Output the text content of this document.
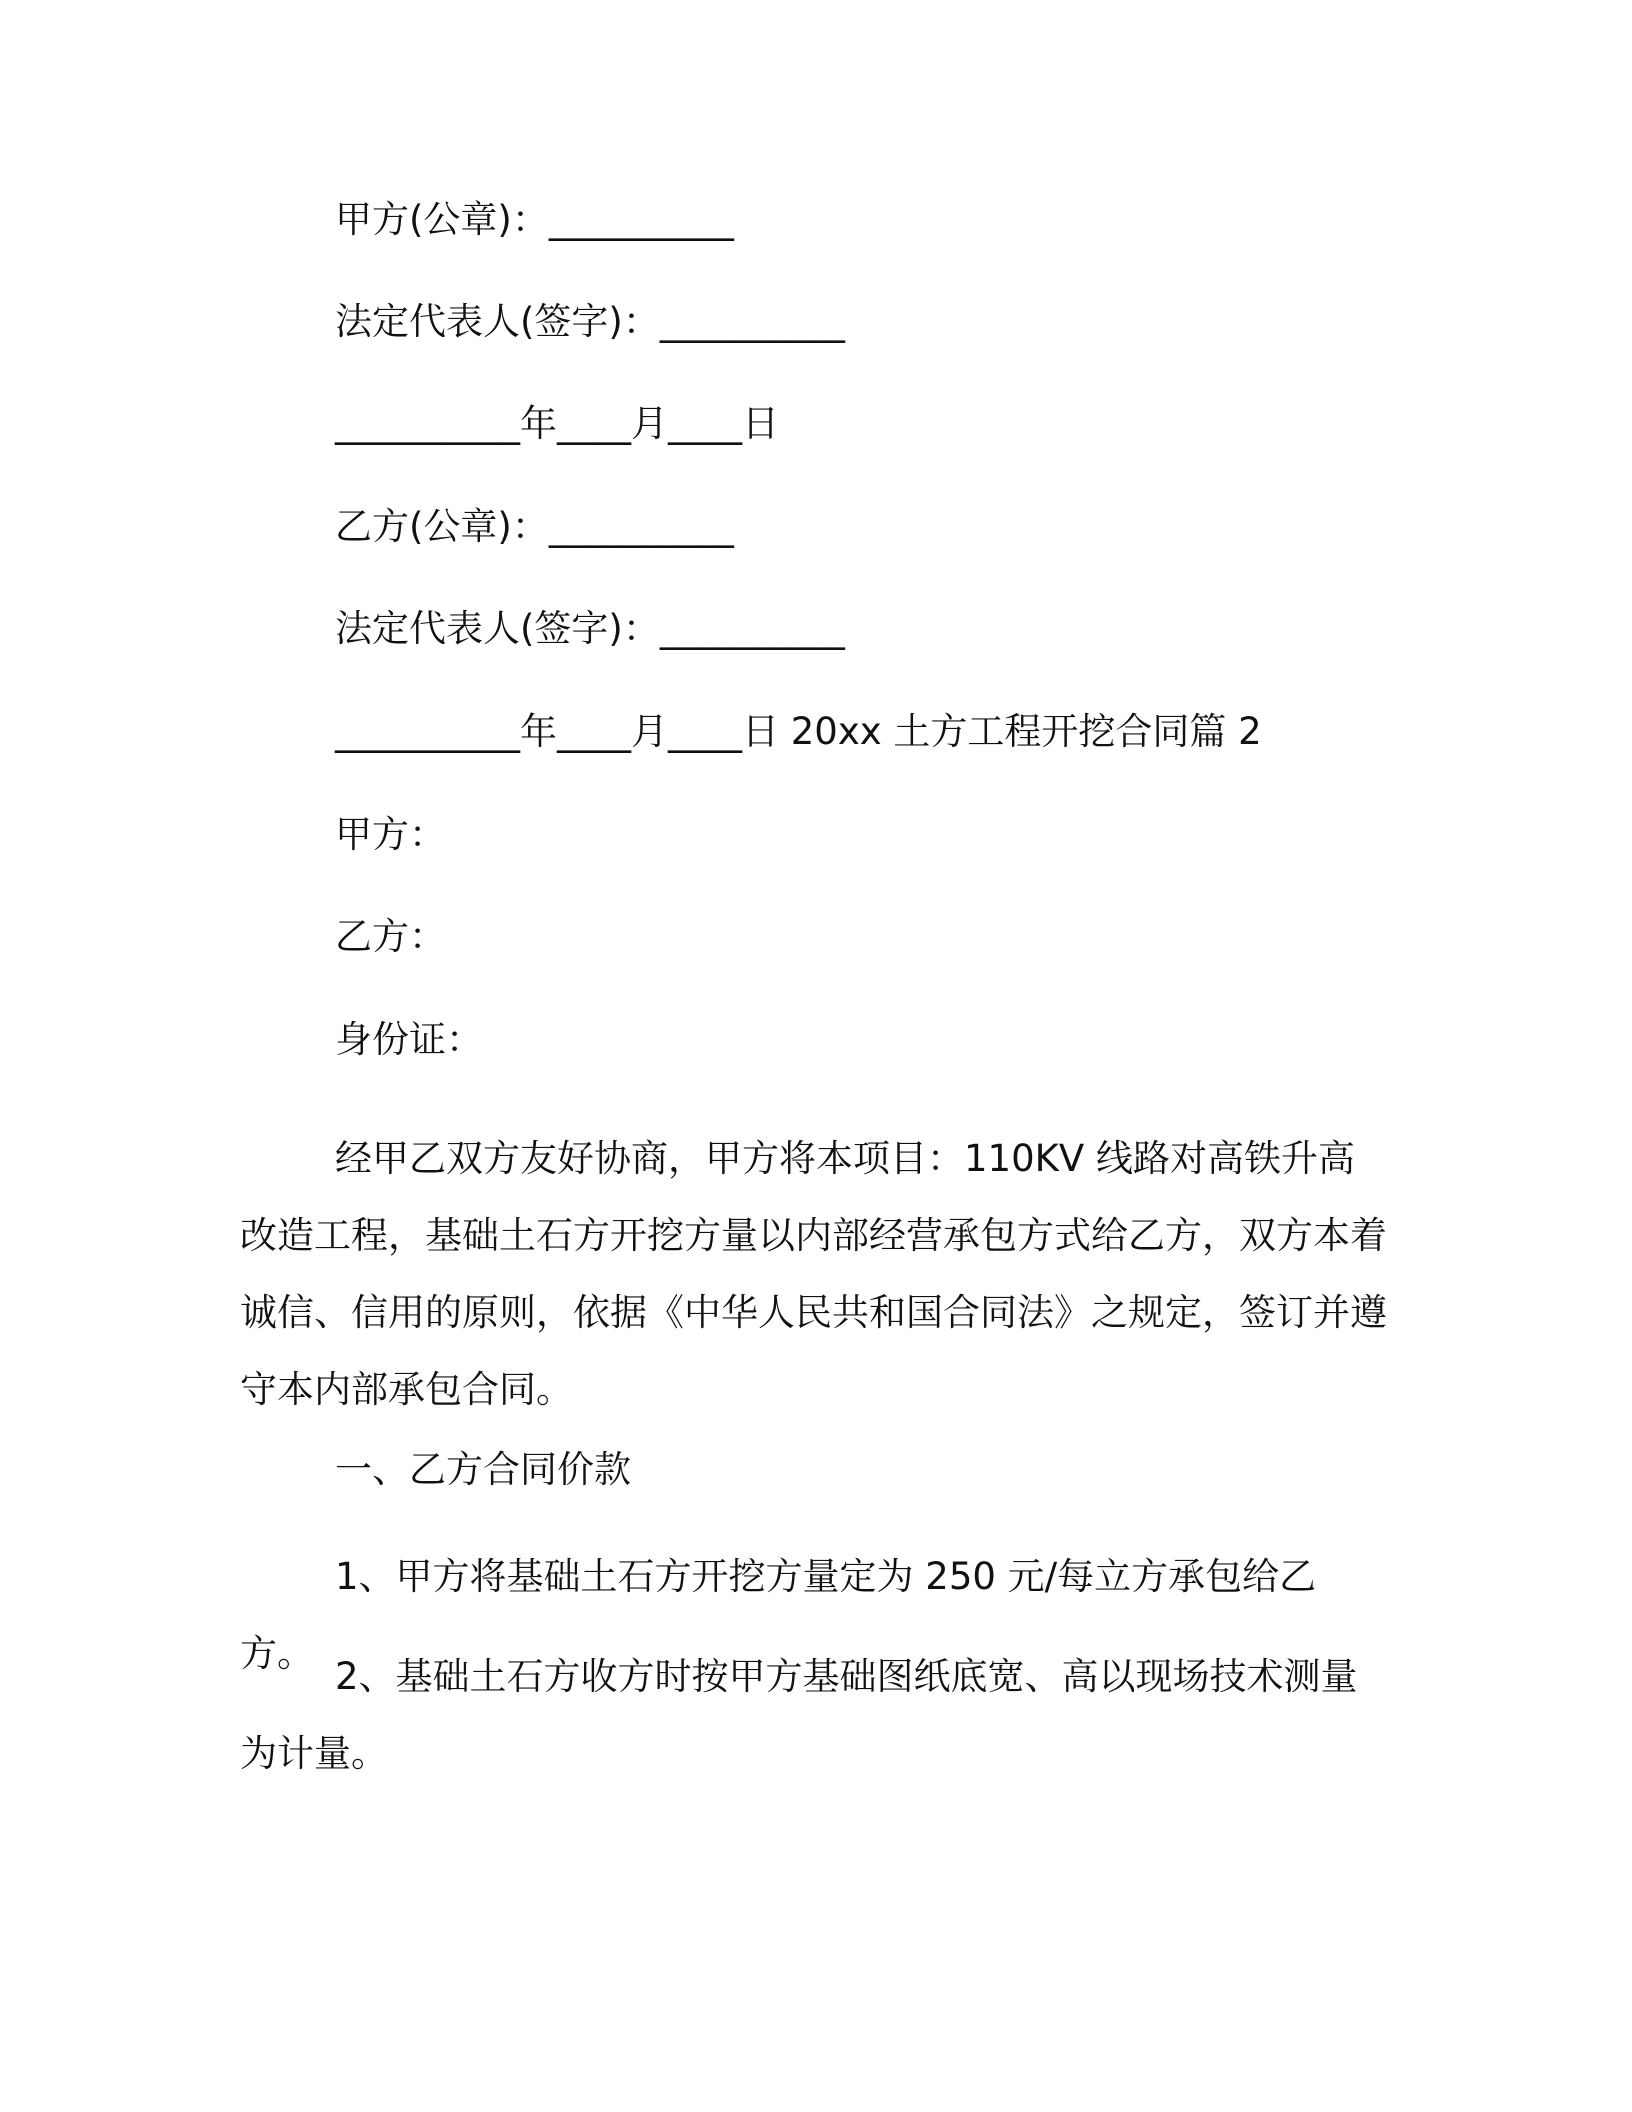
甲方(公章)：__________
法定代表人(签字)：__________
__________年____月____日
乙方(公章)：__________
法定代表人(签字)：__________
__________年____月____日 20xx 土方工程开挖合同篇 2
甲方：
乙方：
身份证：
经甲乙双方友好协商，甲方将本项目：110KV 线路对高铁升高改造工程，基础土石方开挖方量以内部经营承包方式给乙方，双方本着诚信、信用的原则，依据《中华人民共和国合同法》之规定，签订并遵守本内部承包合同。
一、乙方合同价款
1、甲方将基础土石方开挖方量定为 250 元/每立方承包给乙方。
2、基础土石方收方时按甲方基础图纸底宽、高以现场技术测量为计量。
